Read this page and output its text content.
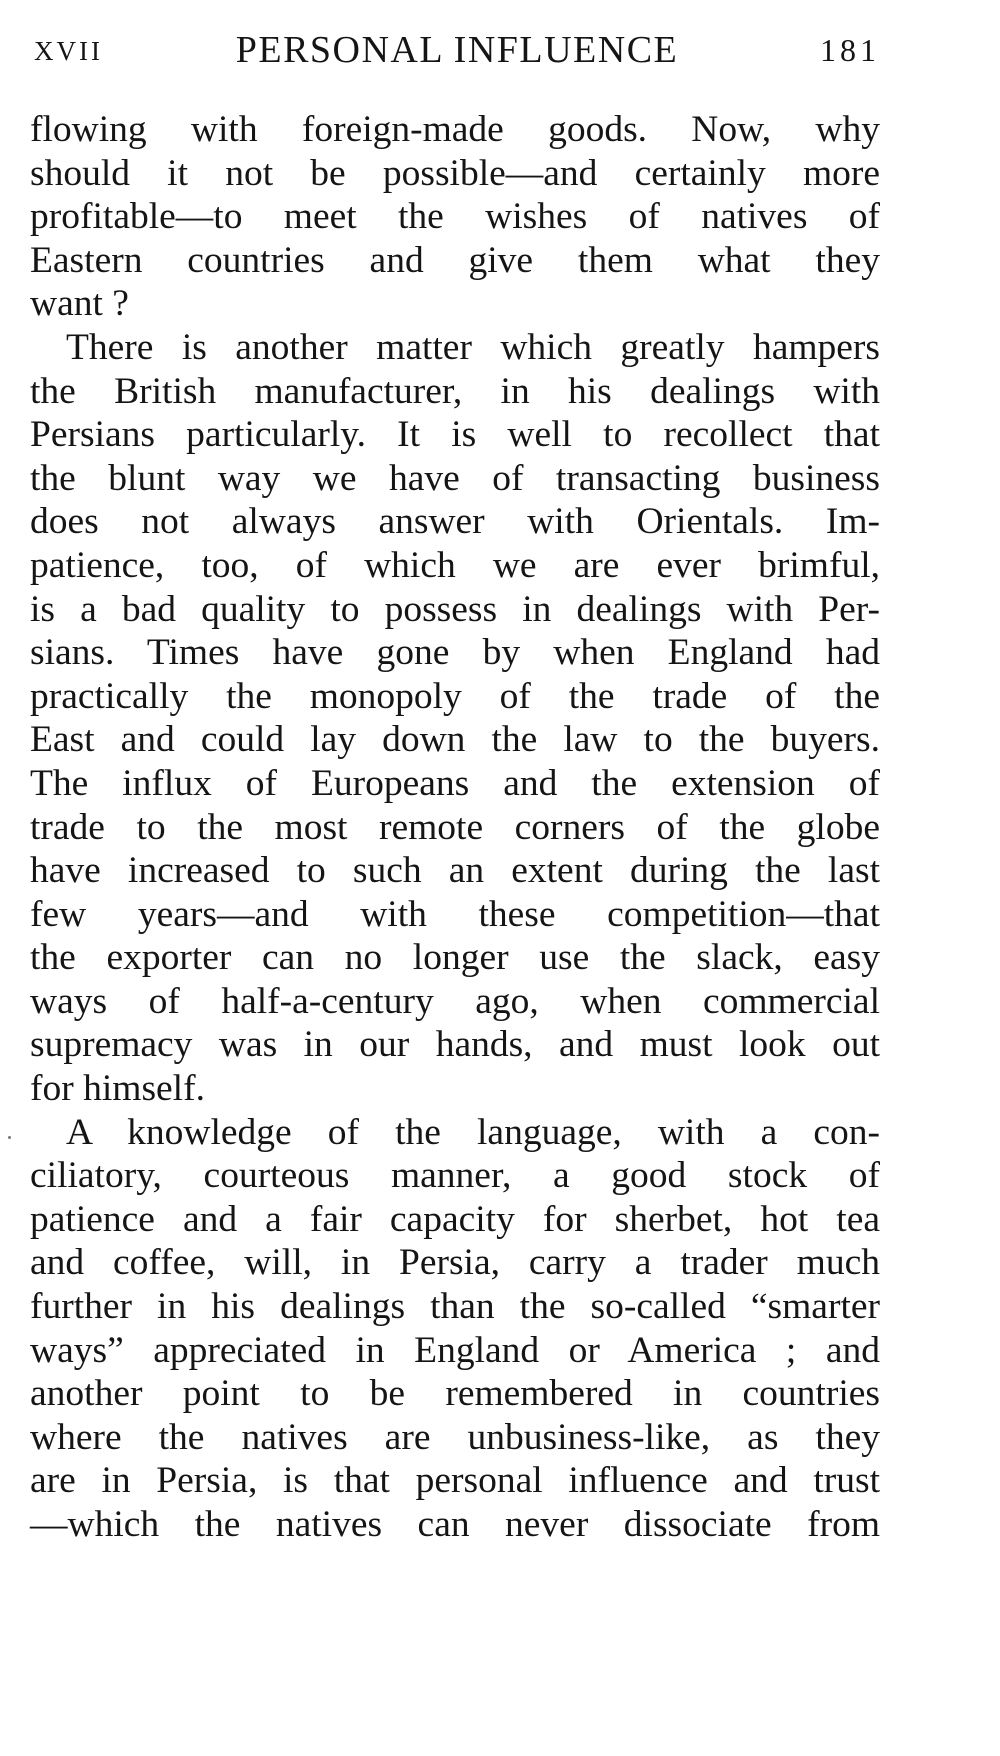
XVII	PERSONAL INFLUENCE	181
flowing with foreign-made goods. Now, why
should it not be possible—and certainly more
profitable—to meet the wishes of natives of
Eastern countries and give them what they
want ?
There is another matter which greatly hampers
the British manufacturer, in his dealings with
Persians particularly. It is well to recollect that
the blunt way we have of transacting business
does not always answer with Orientals. Im-
patience, too, of which we are ever brimful,
is a bad quality to possess in dealings with Per-
sians. Times have gone by when England had
practically the monopoly of the trade of the
East and could lay down the law to the buyers.
The influx of Europeans and the extension of
trade to the most remote corners of the globe
have increased to such an extent during the last
few years—and with these competition—that
the exporter can no longer use the slack, easy
ways of half-a-century ago, when commercial
supremacy was in our hands, and must look out
for himself.
A knowledge of the language, with a con-
ciliatory, courteous manner, a good stock of
patience and a fair capacity for sherbet, hot tea
and coffee, will, in Persia, carry a trader much
further in his dealings than the so-called “smarter
ways” appreciated in England or America ; and
another point to be remembered in countries
where the natives are unbusiness-like, as they
are in Persia, is that personal influence and trust
—which the natives can never dissociate from
